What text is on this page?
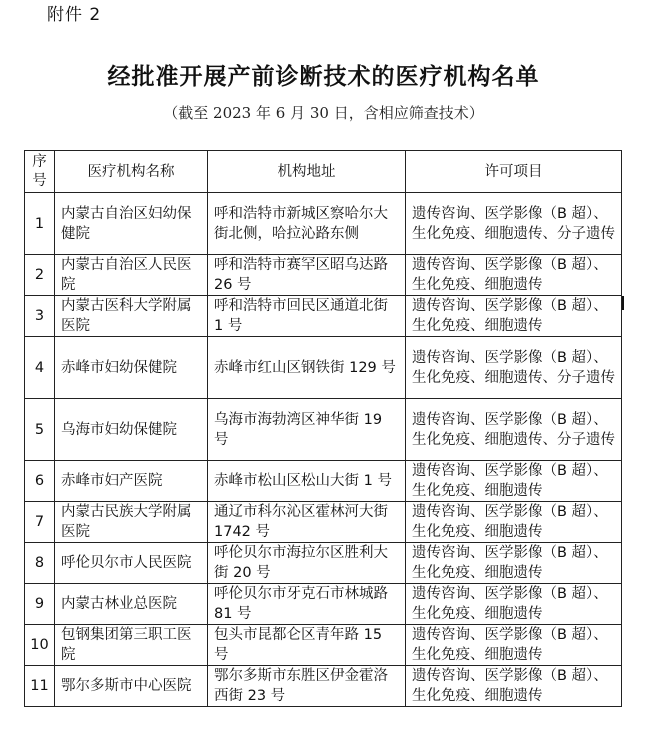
附件 2
经批准开展产前诊断技术的医疗机构名单
（截至 2023 年 6 月 30 日，含相应筛查技术）
序号	医疗机构名称	机构地址	许可项目
1	内蒙古自治区妇幼保健院	呼和浩特市新城区察哈尔大街北侧，哈拉沁路东侧	遗传咨询、医学影像（B 超）、生化免疫、细胞遗传、分子遗传
2	内蒙古自治区人民医院	呼和浩特市赛罕区昭乌达路 26 号	遗传咨询、医学影像（B 超）、生化免疫、细胞遗传
3	内蒙古医科大学附属医院	呼和浩特市回民区通道北街 1 号	遗传咨询、医学影像（B 超）、生化免疫、细胞遗传
4	赤峰市妇幼保健院	赤峰市红山区钢铁街 129 号	遗传咨询、医学影像（B 超）、生化免疫、细胞遗传、分子遗传
5	乌海市妇幼保健院	乌海市海勃湾区神华街 19 号	遗传咨询、医学影像（B 超）、生化免疫、细胞遗传、分子遗传
6	赤峰市妇产医院	赤峰市松山区松山大街 1 号	遗传咨询、医学影像（B 超）、生化免疫、细胞遗传
7	内蒙古民族大学附属医院	通辽市科尔沁区霍林河大街 1742 号	遗传咨询、医学影像（B 超）、生化免疫、细胞遗传
8	呼伦贝尔市人民医院	呼伦贝尔市海拉尔区胜利大街 20 号	遗传咨询、医学影像（B 超）、生化免疫、细胞遗传
9	内蒙古林业总医院	呼伦贝尔市牙克石市林城路 81 号	遗传咨询、医学影像（B 超）、生化免疫、细胞遗传
10	包钢集团第三职工医院	包头市昆都仑区青年路 15 号	遗传咨询、医学影像（B 超）、生化免疫、细胞遗传
11	鄂尔多斯市中心医院	鄂尔多斯市东胜区伊金霍洛西街 23 号	遗传咨询、医学影像（B 超）、生化免疫、细胞遗传
